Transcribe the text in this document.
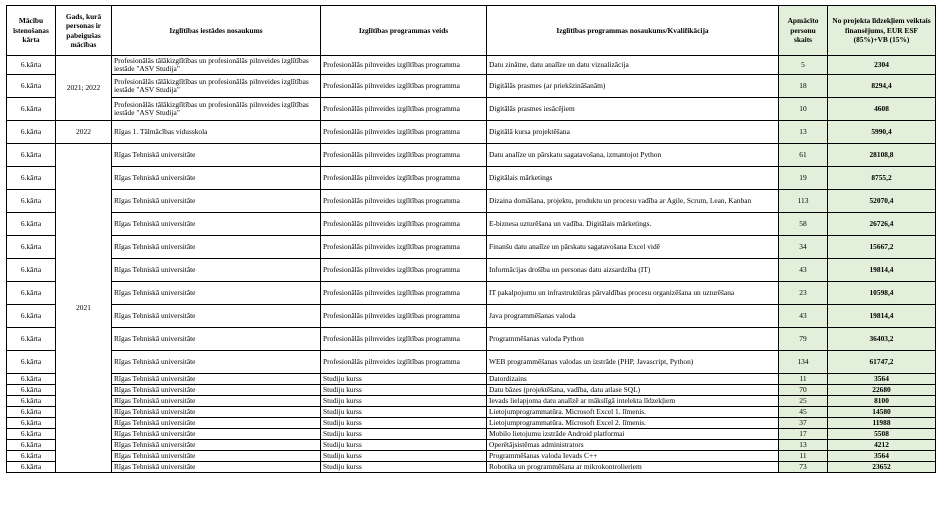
Mācību īstenošanas kārta	Gads, kurā personas ir pabeigušas mācības	Izglītības iestādes nosaukums	Izglītības programmas veids	Izglītības programmas nosaukums/Kvalifikācija	Apmācīto personu skaits	No projekta līdzekļiem veiktais finansējums, EUR ESF (85%)+VB (15%)
6.kārta	2021; 2022	Profesionālās tālākizglītības un profesionālās pilnveides izglītības iestāde "ASV Studija"	Profesionālās pilnveides izglītības programma	Datu zinātne, datu analīze un datu vizualizācija	5	2304
6.kārta		Profesionālās tālākizglītības un profesionālās pilnveides izglītības iestāde "ASV Studija"	Profesionālās pilnveides izglītības programma	Digitālās prasmes (ar priekšzināšanām)	18	8294,4
6.kārta		Profesionālās tālākizglītības un profesionālās pilnveides izglītības iestāde "ASV Studija"	Profesionālās pilnveides izglītības programma	Digitālās prasmes iesācējiem	10	4608
6.kārta	2022	Rīgas 1. Tālmācības vidusskola	Profesionālās pilnveides izglītības programma	Digitālā kursa projektēšana	13	5990,4
6.kārta	2021	Rīgas Tehniskā universitāte	Profesionālās pilnveides izglītības programma	Datu analīze un pārskatu sagatavošana, izmantojot Python	61	28108,8
6.kārta		Rīgas Tehniskā universitāte	Profesionālās pilnveides izglītības programma	Digitālais mārketings	19	8755,2
6.kārta		Rīgas Tehniskā universitāte	Profesionālās pilnveides izglītības programma	Dizaina domāšana, projektu, produktu un procesu vadība ar Agile, Scrum, Lean, Kanban	113	52070,4
6.kārta		Rīgas Tehniskā universitāte	Profesionālās pilnveides izglītības programma	E-biznesa uzturēšana un vadība. Digitālais mārketings.	58	26726,4
6.kārta		Rīgas Tehniskā universitāte	Profesionālās pilnveides izglītības programma	Finanšu datu analīze un pārskatu sagatavošana Excel vidē	34	15667,2
6.kārta		Rīgas Tehniskā universitāte	Profesionālās pilnveides izglītības programma	Informācijas drošība un personas datu aizsardzība (IT)	43	19814,4
6.kārta		Rīgas Tehniskā universitāte	Profesionālās pilnveides izglītības programma	IT pakalpojumu un infrastruktūras pārvaldības procesu organizēšana un uzturēšana	23	10598,4
6.kārta		Rīgas Tehniskā universitāte	Profesionālās pilnveides izglītības programma	Java programmēšanas valoda	43	19814,4
6.kārta		Rīgas Tehniskā universitāte	Profesionālās pilnveides izglītības programma	Programmēšanas valoda Python	79	36403,2
6.kārta		Rīgas Tehniskā universitāte	Profesionālās pilnveides izglītības programma	WEB programmēšanas valodas un izstrāde (PHP, Javascript, Python)	134	61747,2
6.kārta		Rīgas Tehniskā universitāte	Studiju kurss	Datordizains	11	3564
6.kārta		Rīgas Tehniskā universitāte	Studiju kurss	Datu bāzes (projektēšana, vadība, datu atlase SQL)	70	22680
6.kārta		Rīgas Tehniskā universitāte	Studiju kurss	Ievads lielapjoma datu analīzē ar mākslīgā intelekta līdzekļiem	25	8100
6.kārta		Rīgas Tehniskā universitāte	Studiju kurss	Lietojumprogrammatūra. Microsoft Excel 1. līmenis.	45	14580
6.kārta		Rīgas Tehniskā universitāte	Studiju kurss	Lietojumprogrammatūra. Microsoft Excel 2. līmenis.	37	11988
6.kārta		Rīgas Tehniskā universitāte	Studiju kurss	Mobilo lietojumu izstrāde Android platformai	17	5508
6.kārta		Rīgas Tehniskā universitāte	Studiju kurss	Operētājsistēmas administrators	13	4212
6.kārta		Rīgas Tehniskā universitāte	Studiju kurss	Programmēšanas valoda Ievads C++	11	3564
6.kārta		Rīgas Tehniskā universitāte	Studiju kurss	Robotika un programmēšana ar mikrokontrolieriem	73	23652
